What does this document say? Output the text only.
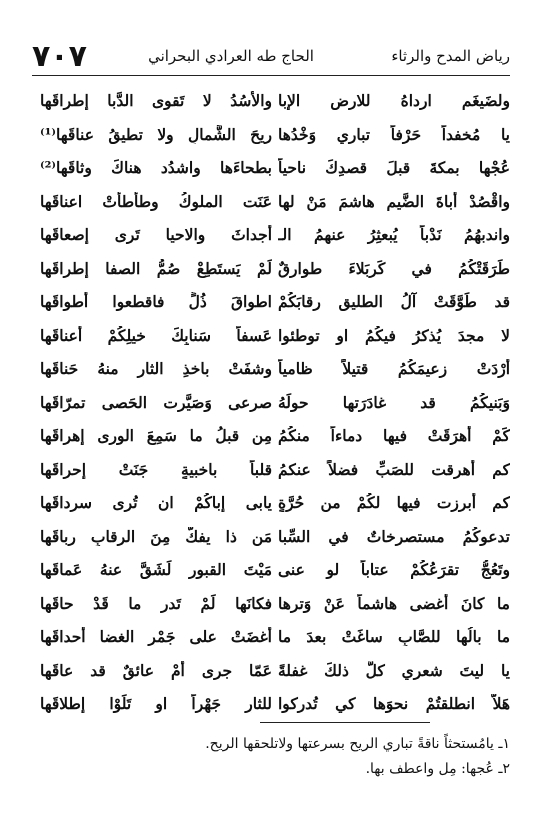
رياض المدح والرثاء
الحاج طه العرادي البحراني
٧٠٧
ولضَيغَمِ ارداهُ للارضِ الإبا
والأُسُدُ لا تَقوى الدَّبا إطراقَها
يا مُخفداً حَرْفاً تباري وَخْدُها
ريحَ الشَّمالِ ولا تطيقُ عناقَها⁽¹⁾
عُجْها بمكةَ قبلَ قصدِكَ ناحياً
بطحاءَها واشدُد هناكَ وثاقَها⁽²⁾
واقْصُدْ أُباةَ الضَّيمِ هاشمَ مَنْ لها
عَنَت الملوكُ وطأطأتْ اعناقَها
واندبهُمُ نَدْباً يُبعثِرُ عنهمُ الـ
أجداثَ والاحيا تَرى إصعاقَها
طَرَقَتْكُمُ في كَربَلاءَ طوارقٌ
لَمْ يَستَطِعْ صُمُّ الصفا إطراقَها
قد طَوَّقَتْ آلُ الطليقِ رقابَكُمْ
اطواقَ ذُلٍّ فاقطعوا أطواقَها
لا مجدَ يُذكرُ فيكُمُ او توطئوا
عَسفاً سَنابِكَ خيلِكُمْ أعناقَها
أَرْدَتْ زعيمَكُمُ قتيلاً ظامياً
وشفَتْ باخذِ الثارِ منهُ حَناقَها
وَبَنيكُمُ قد غادَرَتها حولَهُ
صرعى وَصَيَّرت الحَصى تمرّاقَها
كَمْ أهرَقَتْ فيها دماءاً منكُمُ
مِن قبلُ ما سَمِعَ الورى إهراقَها
كم أهرقت للصَبِّ فضلاً عنكمُ
قلباً باخبيةٍ جَنَتْ إحراقَها
كم أبرزت فيها لكُمْ من حُرَّةٍ
يابى إباكُمْ ان تُرى سرداقَها
تدعوكُمُ مستصرخاتٌ في السِّبا
مَن ذا يفكُّ مِنَ الرقابِ رباقَها
وتَعُجُّ تقرَعُكُمْ عتاباً لو عنى
مَيْتَ القبورِ لَشَقَّ عنهُ عَماقَها
ما كانَ أغضى هاشماً عَنْ وَترِها
فكانَها لَمْ تَدرِ ما قَدْ حاقَها
ما بالُها للصَّابِ ساغَتْ بعدَ ما
أغضَتْ على جَمْرِ الغضا أحداقَها
يا ليتَ شعري كلُّ ذلكَ غفلةً
عَمّا جرى أمْ عائقٌ قد عاقَها
هَلاّ انطلقتُمْ نحوَها كي تُدركوا
للثارِ جَهْراً او تَلَوْا إطلاقَها
١ـ يامُستحثاً ناقةً تباري الريح بسرعتها ولاتلحقها الريح.
٢ـ عُجها: مِل واعطف بها.
